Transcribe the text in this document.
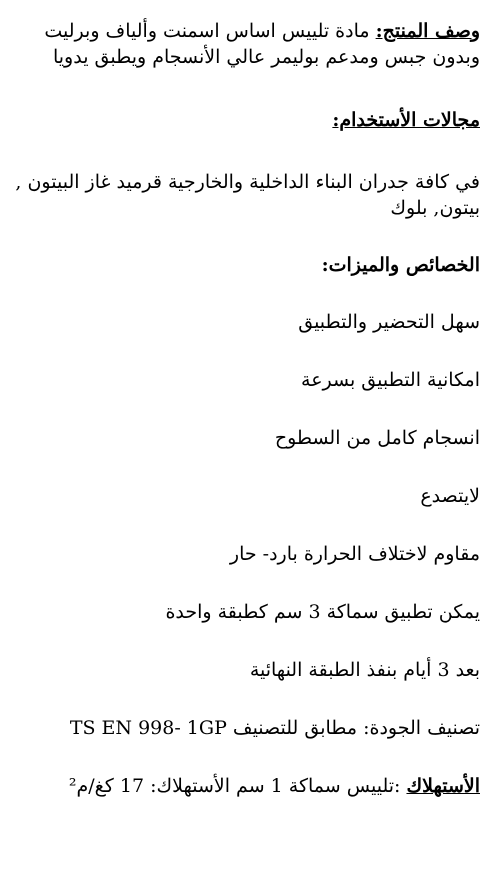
وصف المنتج: مادة تلييس اساس اسمنت وألياف وبرليت وبدون جبس ومدعم بوليمر عالي الأنسجام ويطبق يدويا

مجالات الأستخدام:

في كافة جدران البناء الداخلية والخارجية قرميد غاز البيتون , بيتون, بلوك

الخصائص والميزات:

سهل التحضير والتطبيق

امكانية التطبيق بسرعة

انسجام كامل من السطوح

لايتصدع

مقاوم لاختلاف الحرارة بارد- حار

يمكن تطبيق سماكة 3 سم كطبقة واحدة

بعد 3 أيام بنفذ الطبقة النهائية

تصنيف الجودة: مطابق للتصنيف TS EN 998- 1GP

الأستهلاك :تلييس سماكة 1 سم الأستهلاك: 17 كغ/م²
